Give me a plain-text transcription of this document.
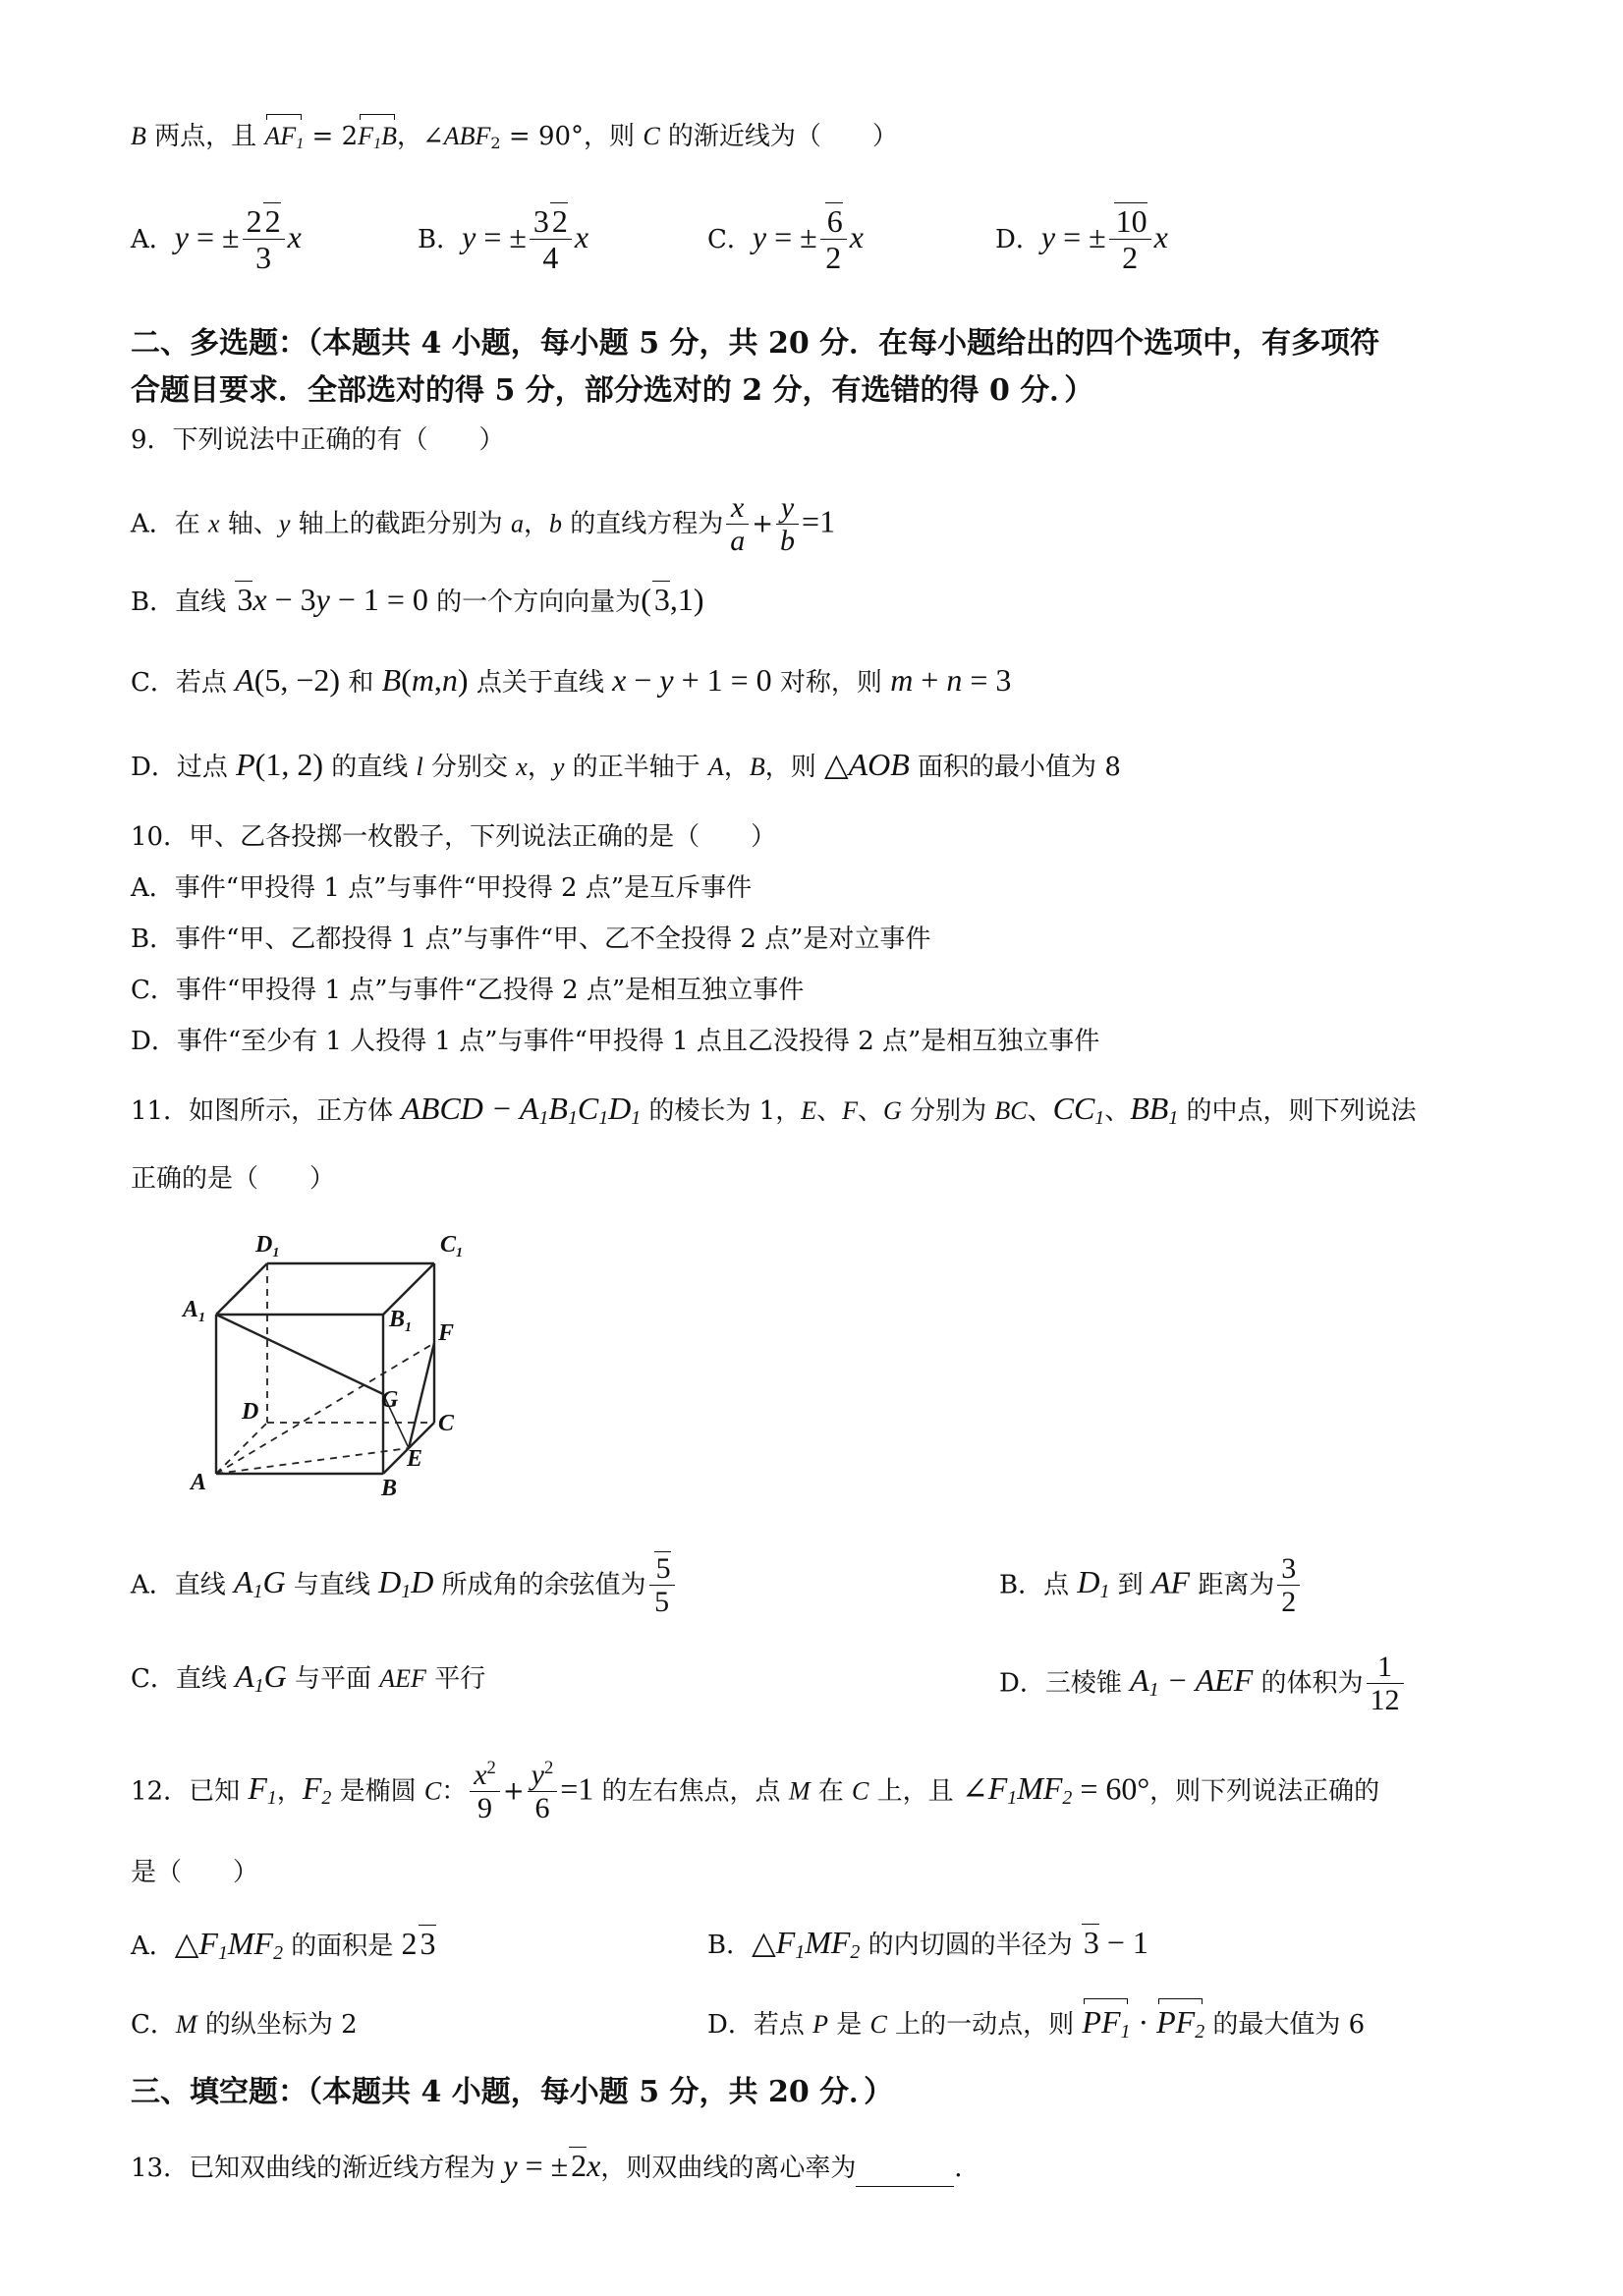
B 两点，且 $AF_1 = 2F_1B$，$\angle ABF_2 = 90^\circ$，则 C 的渐近线为（　　）
A．y = ± $\frac{22}{3}$ x	B．y = ± $\frac{32}{4}$ x	C．y = ± $\frac{6}{2}$ x	D．y = ± $\frac{10}{2}$ x
二、多选题：（本题共 4 小题，每小题 5 分，共 20 分．在每小题给出的四个选项中，有多项符
合题目要求．全部选对的得 5 分，部分选对的 2 分，有选错的得 0 分．）
9．下列说法中正确的有（　　）
A．在 x 轴、y 轴上的截距分别为 a，b 的直线方程为 $\frac{x}{a} + \frac{y}{b} =1$
B．直线 3x − 3y − 1 = 0 的一个方向向量为(3,1)
C．若点 A(5, −2) 和 B(m,n) 点关于直线 x − y + 1 = 0 对称，则 m + n = 3
D．过点 P(1, 2) 的直线 l 分别交 x，y 的正半轴于 A，B，则 △AOB 面积的最小值为 8
10．甲、乙各投掷一枚骰子，下列说法正确的是（　　）
A．事件“甲投得 1 点”与事件“甲投得 2 点”是互斥事件
B．事件“甲、乙都投得 1 点”与事件“甲、乙不全投得 2 点”是对立事件
C．事件“甲投得 1 点”与事件“乙投得 2 点”是相互独立事件
D．事件“至少有 1 人投得 1 点”与事件“甲投得 1 点且乙没投得 2 点”是相互独立事件
11．如图所示，正方体 ABCD − $A_1B_1C_1D_1$ 的棱长为 1，E、F、G 分别为 BC、$CC_1$、$BB_1$ 的中点，则下列说法
正确的是（　　）
$D_1$	$C_1$
$A_1$	$B_1$ F
G
D	C
E
A	B
A．直线 $A_1G$ 与直线 $D_1D$ 所成角的余弦值为 $\frac{5}{5}$	B．点 $D_1$ 到 AF 距离为 $\frac{3}{2}$
C．直线 $A_1G$ 与平面 AEF 平行	D．三棱锥 $A_1$ − AEF 的体积为 $\frac{1}{12}$
12．已知 $F_1$，$F_2$ 是椭圆 C： $\frac{x^2}{9} + \frac{y^2}{6} =1$ 的左右焦点，点 M 在 C 上，且 $\angle F_1MF_2 = 60^\circ$，则下列说法正确的
是（　　）
A．$\triangle F_1MF_2$ 的面积是 23	B．$\triangle F_1MF_2$ 的内切圆的半径为 3 − 1
C．M 的纵坐标为 2	D．若点 P 是 C 上的一动点，则 $PF_1 \cdot PF_2$ 的最大值为 6
三、填空题：（本题共 4 小题，每小题 5 分，共 20 分．）
13．已知双曲线的渐近线方程为 y = ±2x，则双曲线的离心率为	．
